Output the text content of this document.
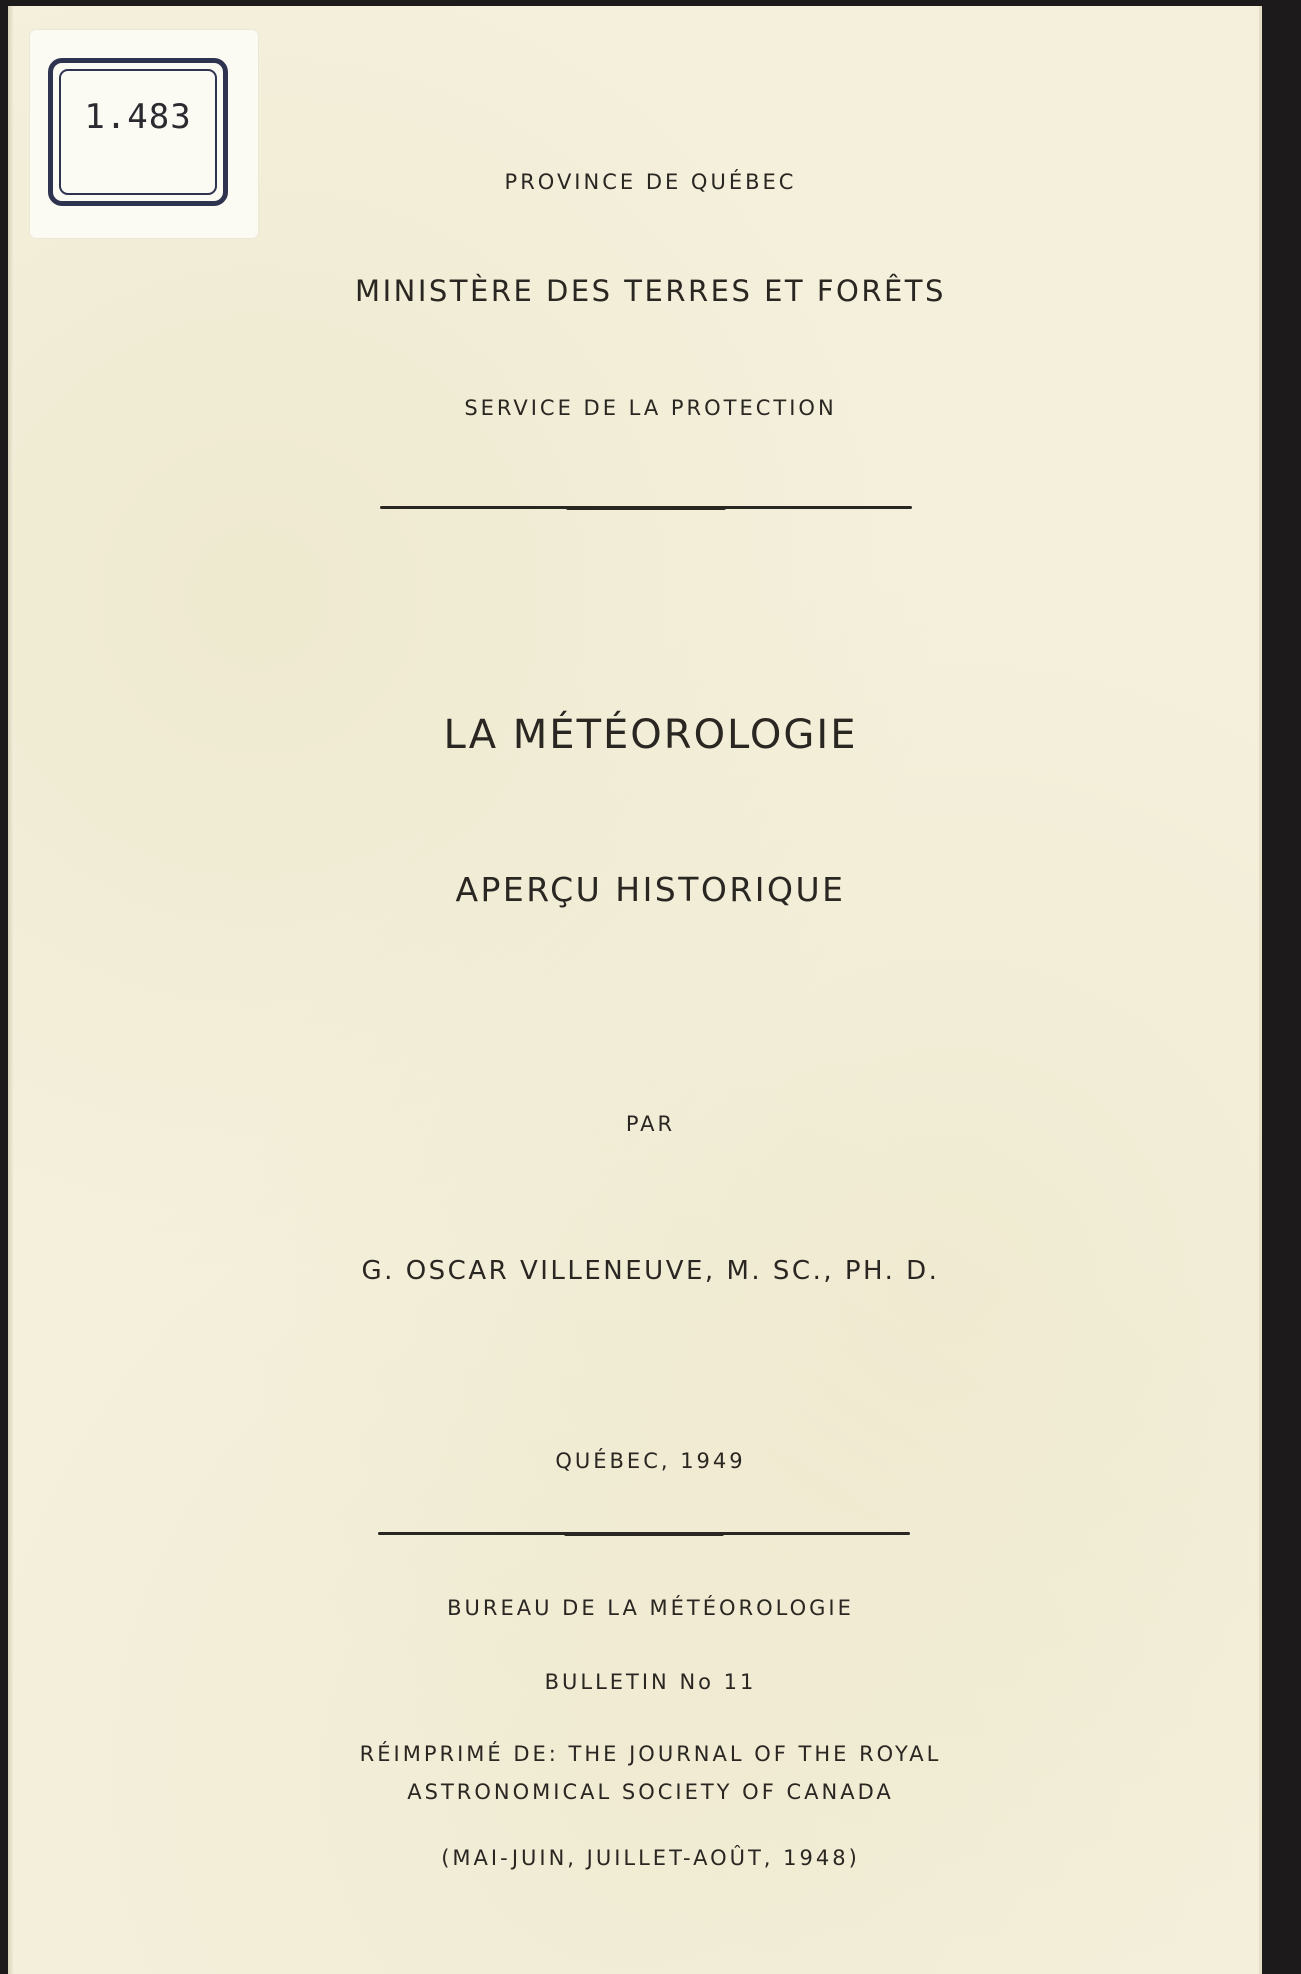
1.483
PROVINCE DE QUÉBEC
MINISTÈRE DES TERRES ET FORÊTS
SERVICE DE LA PROTECTION
LA MÉTÉOROLOGIE
APERÇU HISTORIQUE
PAR
G. OSCAR VILLENEUVE, M. SC., PH. D.
QUÉBEC, 1949
BUREAU DE LA MÉTÉOROLOGIE
BULLETIN No 11
RÉIMPRIMÉ DE: THE JOURNAL OF THE ROYAL
ASTRONOMICAL SOCIETY OF CANADA
(MAI-JUIN, JUILLET-AOÛT, 1948)
